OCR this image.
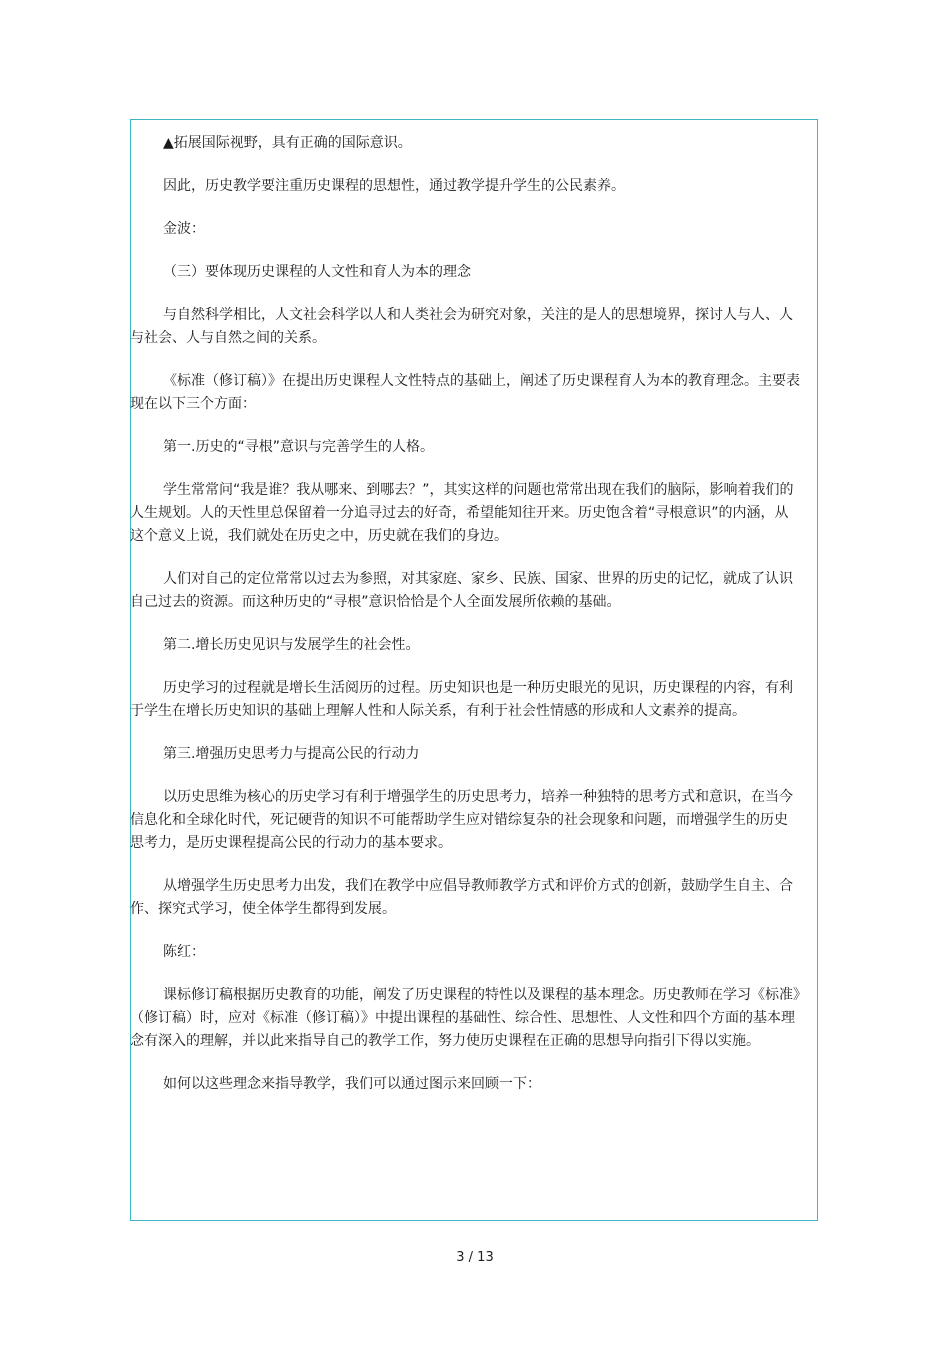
▲拓展国际视野，具有正确的国际意识。

因此，历史教学要注重历史课程的思想性，通过教学提升学生的公民素养。

金波：

（三）要体现历史课程的人文性和育人为本的理念

与自然科学相比，人文社会科学以人和人类社会为研究对象，关注的是人的思想境界，探讨人与人、人与社会、人与自然之间的关系。

《标准（修订稿）》在提出历史课程人文性特点的基础上，阐述了历史课程育人为本的教育理念。主要表现在以下三个方面：

第一.历史的“寻根”意识与完善学生的人格。

学生常常问“我是谁？我从哪来、到哪去？”，其实这样的问题也常常出现在我们的脑际，影响着我们的人生规划。人的天性里总保留着一分追寻过去的好奇，希望能知往开来。历史饱含着“寻根意识”的内涵，从这个意义上说，我们就处在历史之中，历史就在我们的身边。

人们对自己的定位常常以过去为参照，对其家庭、家乡、民族、国家、世界的历史的记忆，就成了认识自己过去的资源。而这种历史的“寻根”意识恰恰是个人全面发展所依赖的基础。

第二.增长历史见识与发展学生的社会性。

历史学习的过程就是增长生活阅历的过程。历史知识也是一种历史眼光的见识，历史课程的内容，有利于学生在增长历史知识的基础上理解人性和人际关系，有利于社会性情感的形成和人文素养的提高。

第三.增强历史思考力与提高公民的行动力

以历史思维为核心的历史学习有利于增强学生的历史思考力，培养一种独特的思考方式和意识，在当今信息化和全球化时代，死记硬背的知识不可能帮助学生应对错综复杂的社会现象和问题，而增强学生的历史思考力，是历史课程提高公民的行动力的基本要求。

从增强学生历史思考力出发，我们在教学中应倡导教师教学方式和评价方式的创新，鼓励学生自主、合作、探究式学习，使全体学生都得到发展。

陈红：

课标修订稿根据历史教育的功能，阐发了历史课程的特性以及课程的基本理念。历史教师在学习《标准》（修订稿）时，应对《标准（修订稿）》中提出课程的基础性、综合性、思想性、人文性和四个方面的基本理念有深入的理解，并以此来指导自己的教学工作，努力使历史课程在正确的思想导向指引下得以实施。

如何以这些理念来指导教学，我们可以通过图示来回顾一下：

3 / 13
